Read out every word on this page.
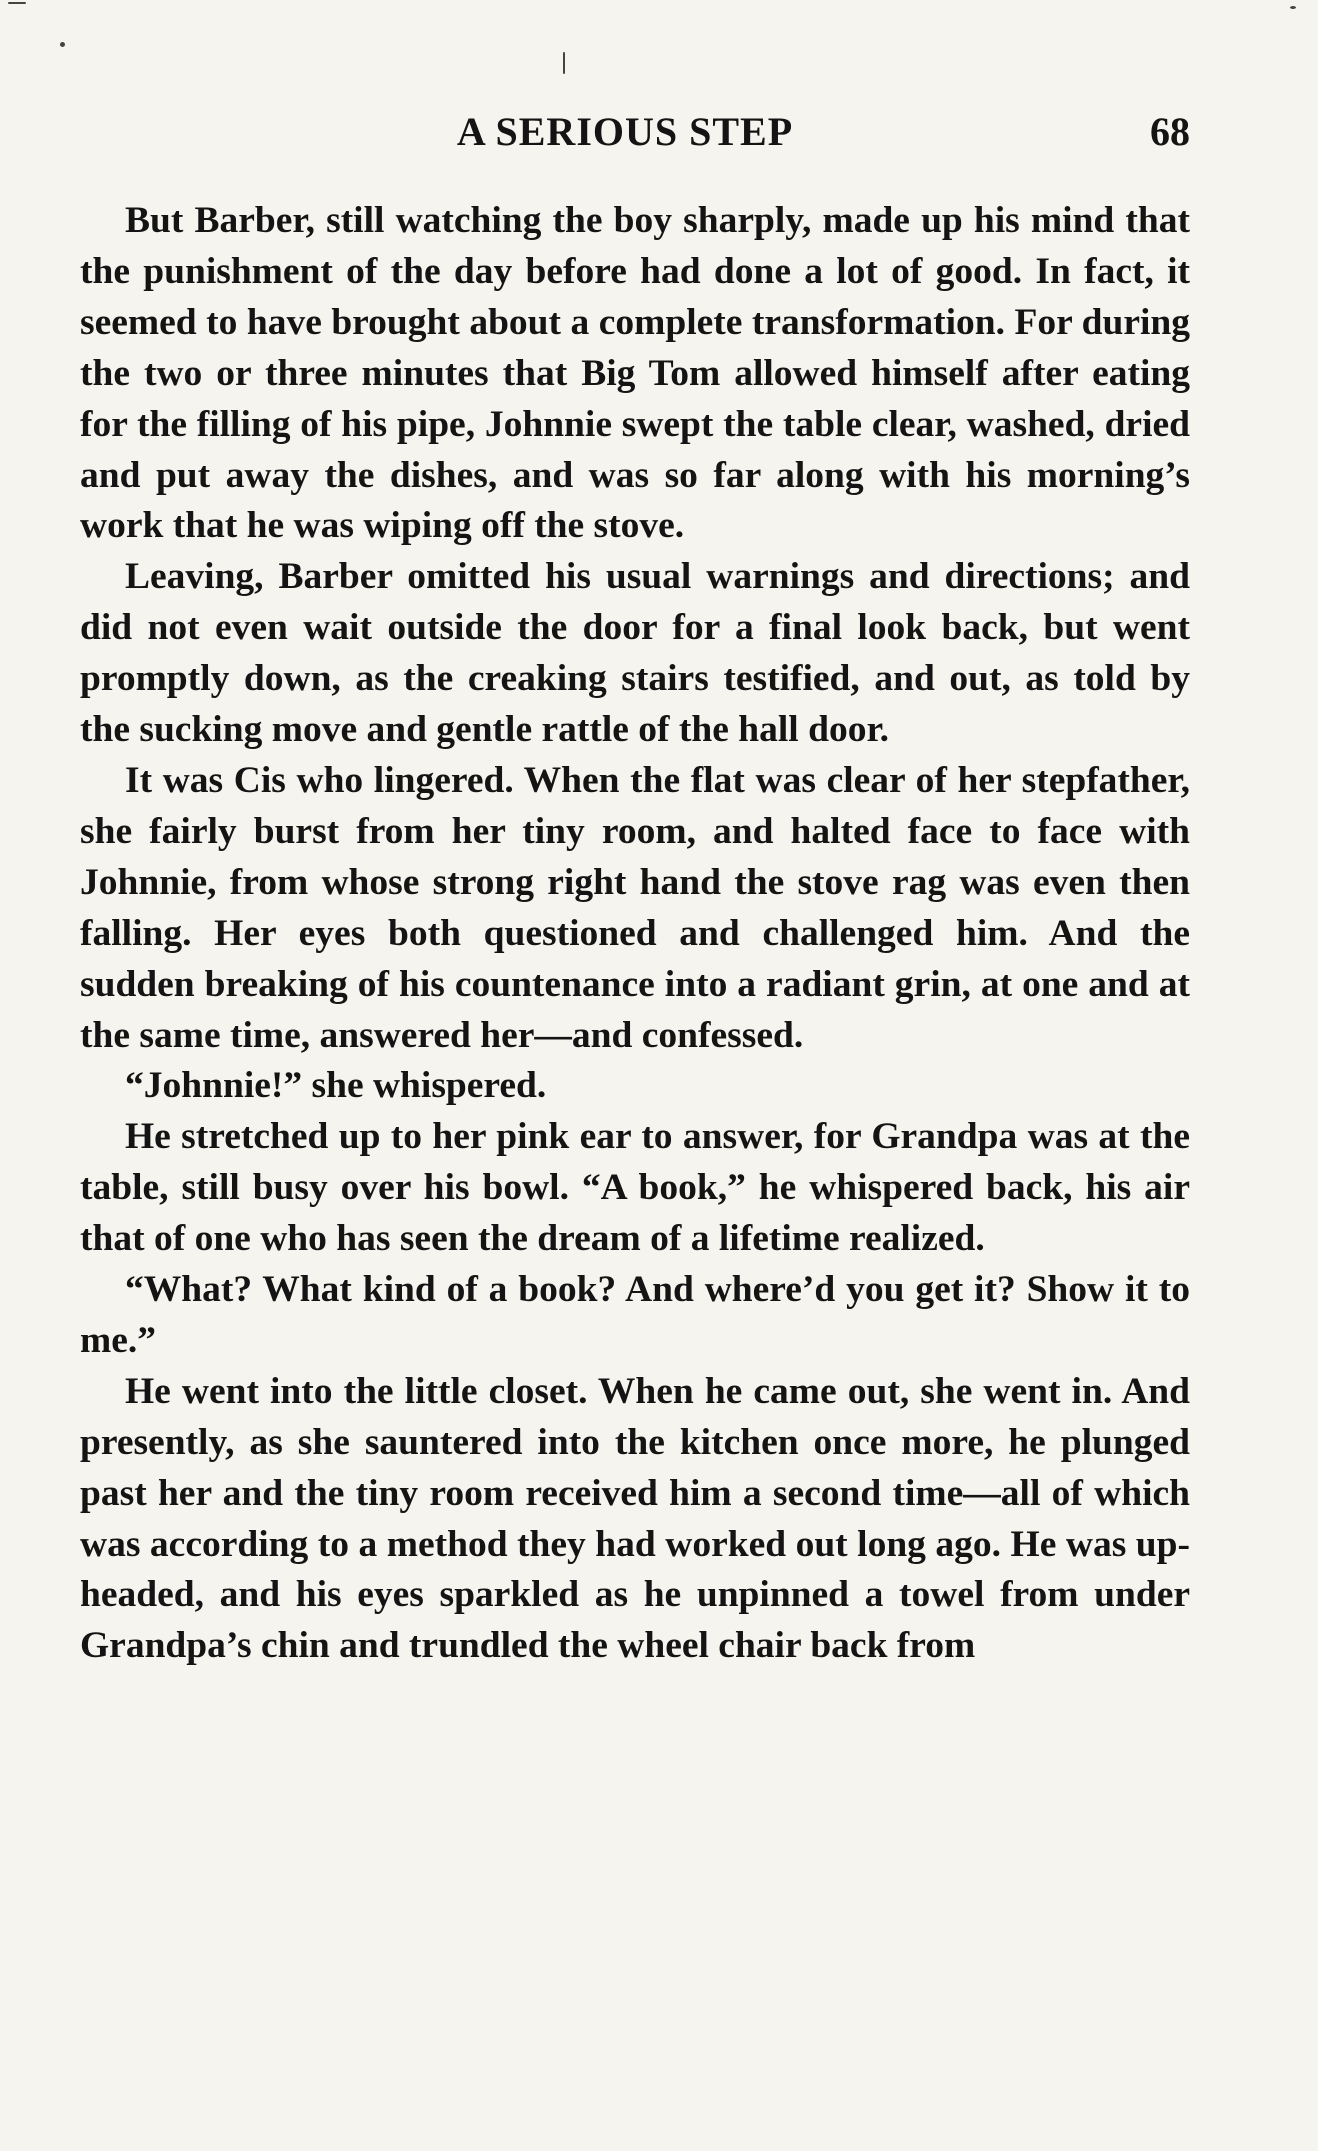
A SERIOUS STEP	68

But Barber, still watching the boy sharply, made up his mind that the punishment of the day before had done a lot of good. In fact, it seemed to have brought about a complete transformation. For during the two or three minutes that Big Tom allowed himself after eating for the filling of his pipe, Johnnie swept the table clear, washed, dried and put away the dishes, and was so far along with his morning’s work that he was wiping off the stove.

Leaving, Barber omitted his usual warnings and directions; and did not even wait outside the door for a final look back, but went promptly down, as the creaking stairs testified, and out, as told by the sucking move and gentle rattle of the hall door.

It was Cis who lingered. When the flat was clear of her stepfather, she fairly burst from her tiny room, and halted face to face with Johnnie, from whose strong right hand the stove rag was even then falling. Her eyes both questioned and challenged him. And the sudden breaking of his countenance into a radiant grin, at one and at the same time, answered her—and confessed.

“Johnnie!” she whispered.

He stretched up to her pink ear to answer, for Grandpa was at the table, still busy over his bowl. “A book,” he whispered back, his air that of one who has seen the dream of a lifetime realized.

“What? What kind of a book? And where’d you get it? Show it to me.”

He went into the little closet. When he came out, she went in. And presently, as she sauntered into the kitchen once more, he plunged past her and the tiny room received him a second time—all of which was according to a method they had worked out long ago. He was up-headed, and his eyes sparkled as he unpinned a towel from under Grandpa’s chin and trundled the wheel chair back from
